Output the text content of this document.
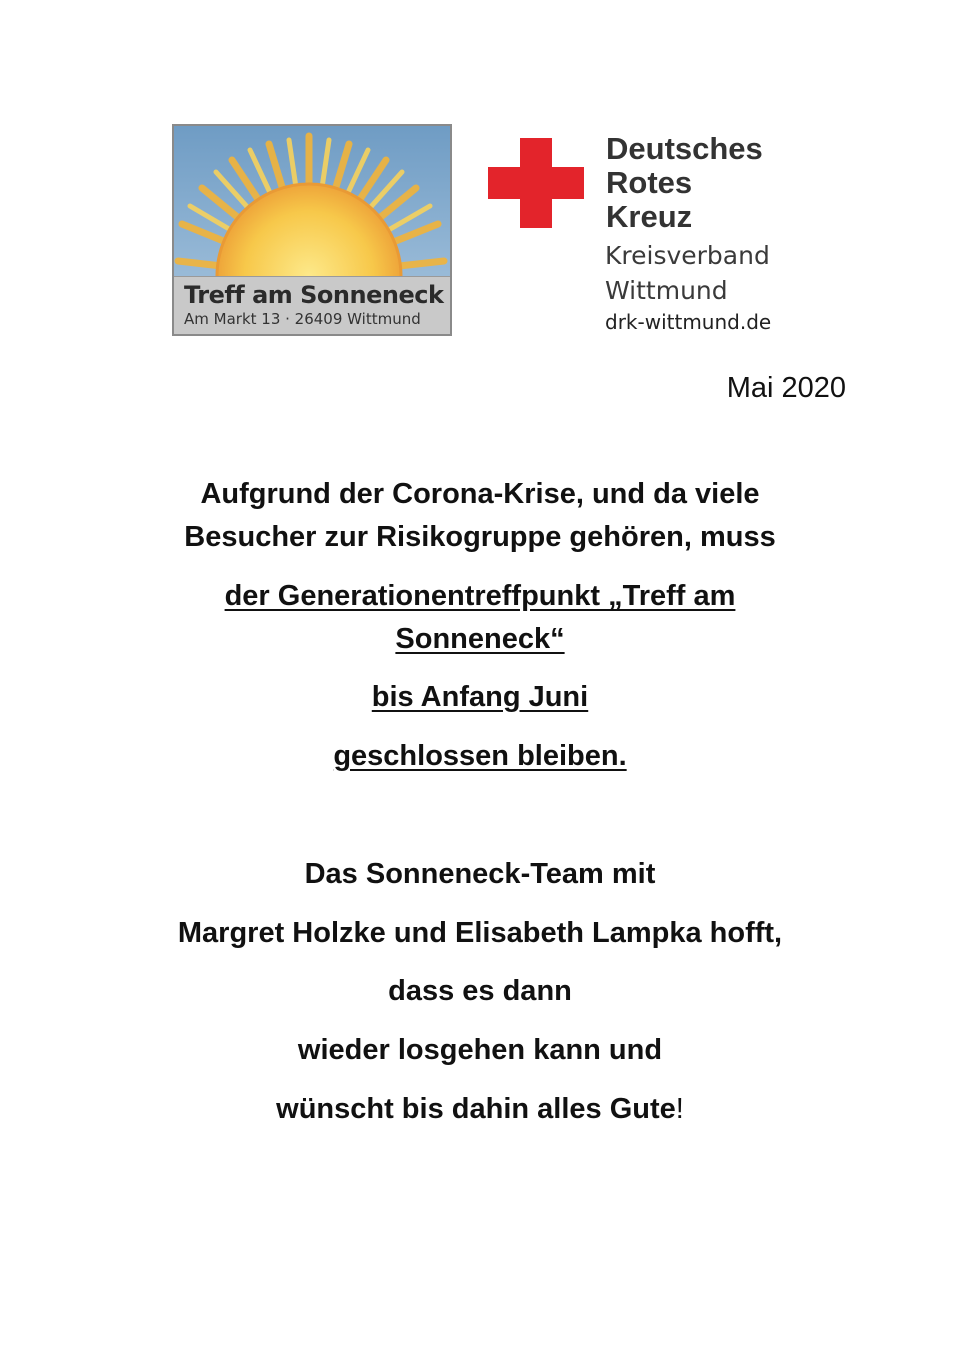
Treff am Sonneneck
Am Markt 13 · 26409 Wittmund
Deutsches
Rotes
Kreuz
Kreisverband
Wittmund
drk-wittmund.de
Mai 2020
Aufgrund der Corona-Krise, und da viele
Besucher zur Risikogruppe gehören, muss
der Generationentreffpunkt „Treff am
Sonneneck“
bis Anfang Juni
geschlossen bleiben.
Das Sonneneck-Team mit
Margret Holzke und Elisabeth Lampka hofft,
dass es dann
wieder losgehen kann und
wünscht bis dahin alles Gute!
